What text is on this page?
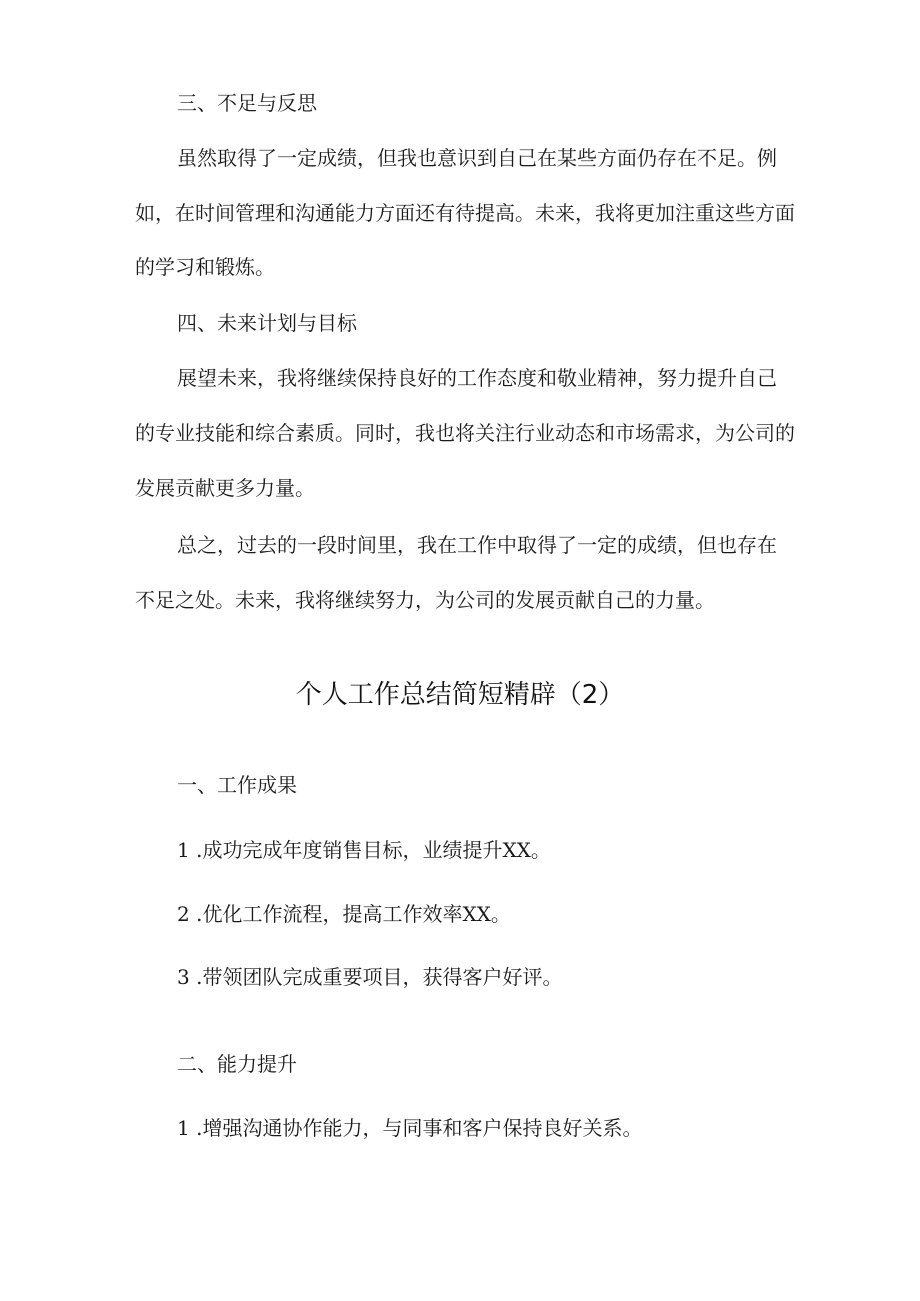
三、不足与反思
虽然取得了一定成绩，但我也意识到自己在某些方面仍存在不足。例
如，在时间管理和沟通能力方面还有待提高。未来，我将更加注重这些方面
的学习和锻炼。
四、未来计划与目标
展望未来，我将继续保持良好的工作态度和敬业精神，努力提升自己
的专业技能和综合素质。同时，我也将关注行业动态和市场需求，为公司的
发展贡献更多力量。
总之，过去的一段时间里，我在工作中取得了一定的成绩，但也存在
不足之处。未来，我将继续努力，为公司的发展贡献自己的力量。
个人工作总结简短精辟（2）
一、工作成果
1 .成功完成年度销售目标，业绩提升XX。
2 .优化工作流程，提高工作效率XX。
3 .带领团队完成重要项目，获得客户好评。
二、能力提升
1 .增强沟通协作能力，与同事和客户保持良好关系。
